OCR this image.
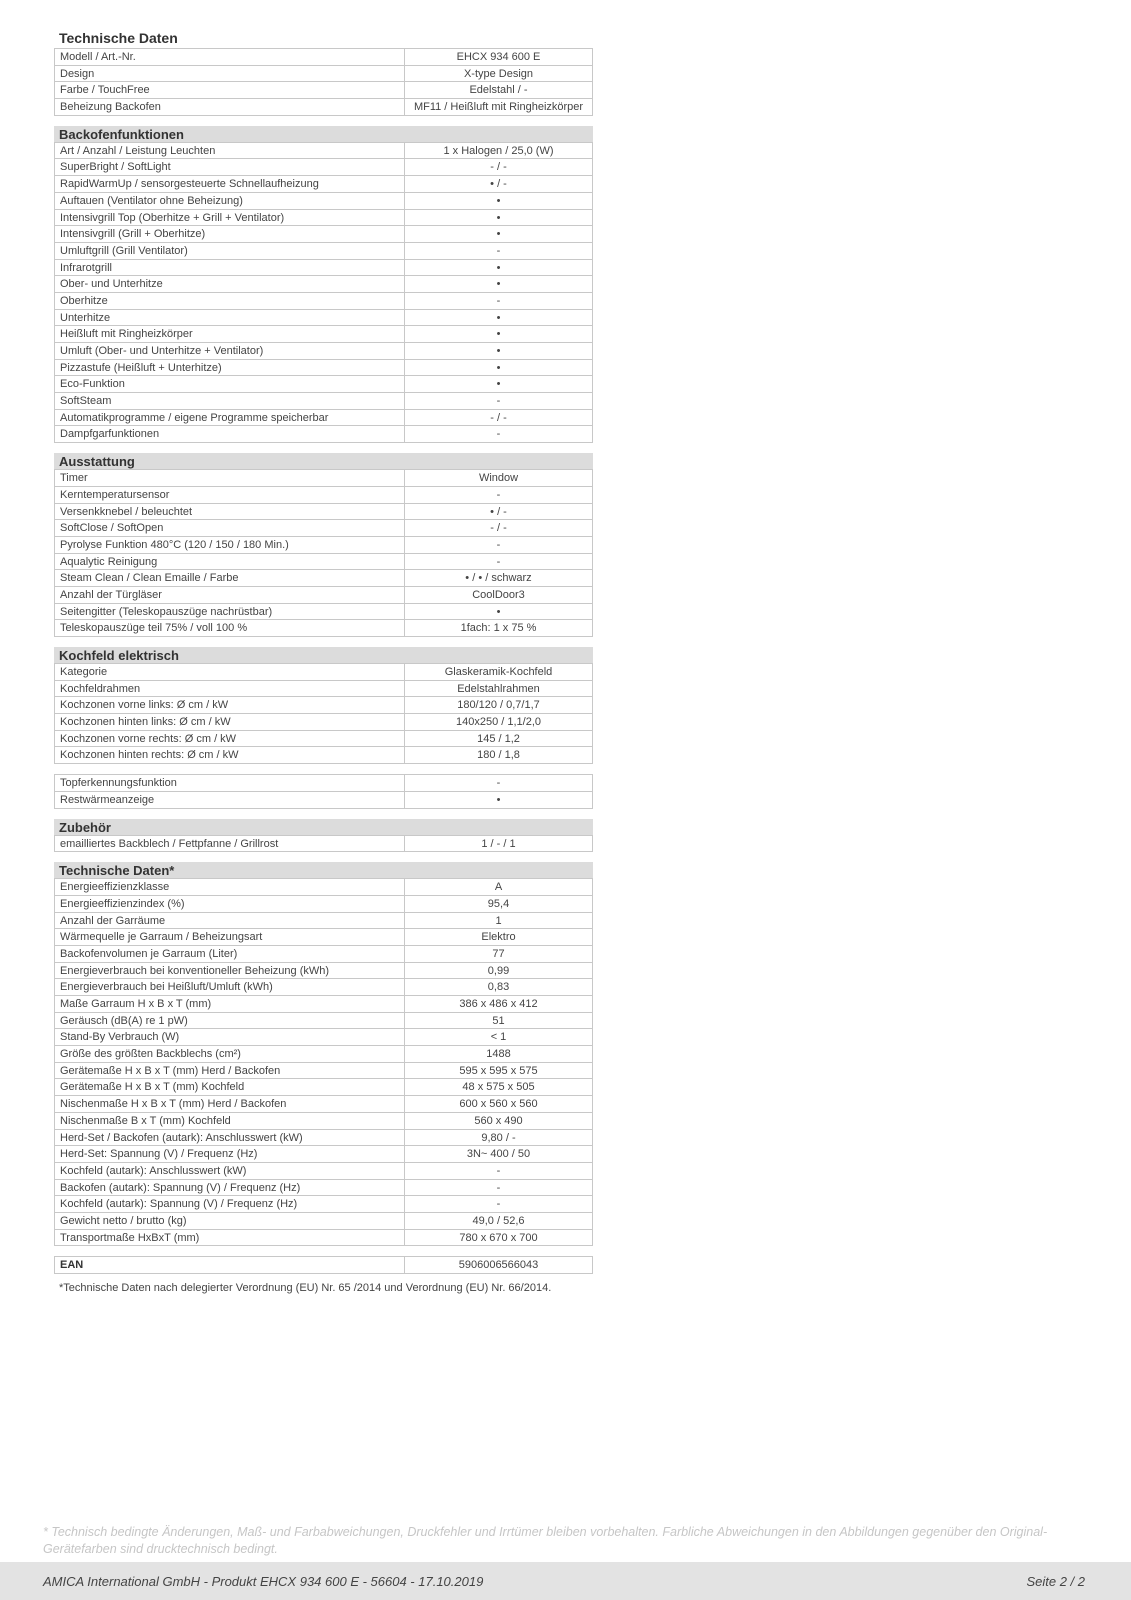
Technische Daten
Modell / Art.-Nr.	EHCX 934 600 E
Design	X-type Design
Farbe / TouchFree	Edelstahl / -
Beheizung Backofen	MF11 / Heißluft mit Ringheizkörper
Backofenfunktionen
Art / Anzahl / Leistung Leuchten	1 x Halogen / 25,0 (W)
SuperBright / SoftLight	- / -
RapidWarmUp / sensorgesteuerte Schnellaufheizung	• / -
Auftauen (Ventilator ohne Beheizung)	•
Intensivgrill Top (Oberhitze + Grill + Ventilator)	•
Intensivgrill (Grill + Oberhitze)	•
Umluftgrill (Grill Ventilator)	-
Infrarotgrill	•
Ober- und Unterhitze	•
Oberhitze	-
Unterhitze	•
Heißluft mit Ringheizkörper	•
Umluft (Ober- und Unterhitze + Ventilator)	•
Pizzastufe (Heißluft + Unterhitze)	•
Eco-Funktion	•
SoftSteam	-
Automatikprogramme / eigene Programme speicherbar	- / -
Dampfgarfunktionen	-
Ausstattung
Timer	Window
Kerntemperatursensor	-
Versenkknebel / beleuchtet	• / -
SoftClose / SoftOpen	- / -
Pyrolyse Funktion 480°C (120 / 150 / 180 Min.)	-
Aqualytic Reinigung	-
Steam Clean / Clean Emaille / Farbe	• / • / schwarz
Anzahl der Türgläser	CoolDoor3
Seitengitter (Teleskopauszüge nachrüstbar)	•
Teleskopauszüge teil 75% / voll 100 %	1fach: 1 x 75 %
Kochfeld elektrisch
Kategorie	Glaskeramik-Kochfeld
Kochfeldrahmen	Edelstahlrahmen
Kochzonen vorne links: Ø cm / kW	180/120 / 0,7/1,7
Kochzonen hinten links: Ø cm / kW	140x250 / 1,1/2,0
Kochzonen vorne rechts: Ø cm / kW	145 / 1,2
Kochzonen hinten rechts: Ø cm / kW	180 / 1,8
Topferkennungsfunktion	-
Restwärmeanzeige	•
Zubehör
emailliertes Backblech / Fettpfanne / Grillrost	1 / - / 1
Technische Daten*
Energieeffizienzklasse	A
Energieeffizienzindex (%)	95,4
Anzahl der Garräume	1
Wärmequelle je Garraum / Beheizungsart	Elektro
Backofenvolumen je Garraum (Liter)	77
Energieverbrauch bei konventioneller Beheizung (kWh)	0,99
Energieverbrauch bei Heißluft/Umluft (kWh)	0,83
Maße Garraum H x B x T (mm)	386 x 486 x 412
Geräusch (dB(A) re 1 pW)	51
Stand-By Verbrauch (W)	< 1
Größe des größten Backblechs (cm²)	1488
Gerätemaße H x B x T (mm) Herd / Backofen	595 x 595 x 575
Gerätemaße H x B x T (mm) Kochfeld	48 x 575 x 505
Nischenmaße H x B x T (mm) Herd / Backofen	600 x 560 x 560
Nischenmaße B x T (mm) Kochfeld	560 x 490
Herd-Set / Backofen (autark): Anschlusswert (kW)	9,80 / -
Herd-Set: Spannung (V) / Frequenz (Hz)	3N~ 400 / 50
Kochfeld (autark): Anschlusswert (kW)	-
Backofen (autark): Spannung (V) / Frequenz (Hz)	-
Kochfeld (autark): Spannung (V) / Frequenz (Hz)	-
Gewicht netto / brutto (kg)	49,0 / 52,6
Transportmaße HxBxT (mm)	780 x 670 x 700
EAN	5906006566043
*Technische Daten nach delegierter Verordnung (EU) Nr. 65 /2014 und Verordnung (EU) Nr. 66/2014.
* Technisch bedingte Änderungen, Maß- und Farbabweichungen, Druckfehler und Irrtümer bleiben vorbehalten. Farbliche Abweichungen in den Abbildungen gegenüber den Original-Gerätefarben sind drucktechnisch bedingt.
AMICA International GmbH - Produkt EHCX 934 600 E - 56604 - 17.10.2019	Seite 2 / 2
